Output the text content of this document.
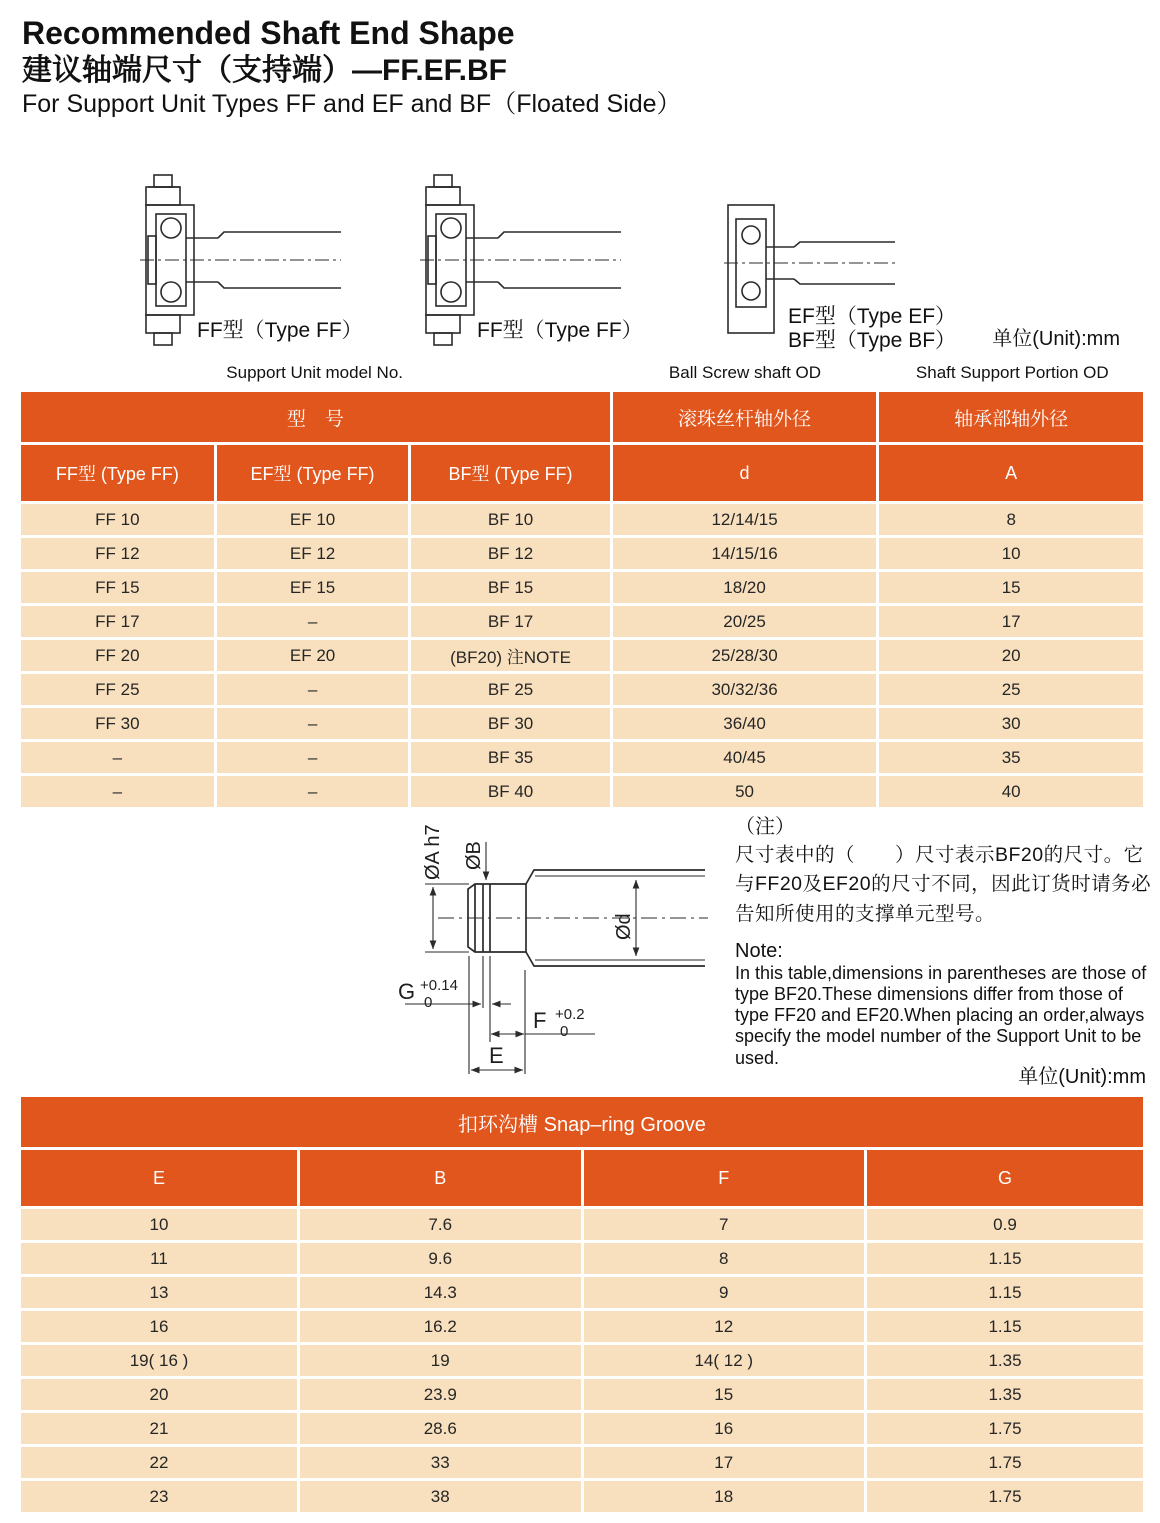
Recommended Shaft End Shape
建议轴端尺寸（支持端）—FF.EF.BF
For Support Unit Types FF and EF and BF（Floated Side）
FF型（Type FF）	FF型（Type FF）
EF型（Type EF）
BF型（Type BF） 单位(Unit):mm
Support Unit model No.	Ball Screw shaft OD	Shaft Support Portion OD
型　号			滚珠丝杆轴外径	轴承部轴外径
FF型 (Type FF)	EF型 (Type FF)	BF型 (Type FF)	d	A
FF 10	EF 10	BF 10	12/14/15	8
FF 12	EF 12	BF 12	14/15/16	10
FF 15	EF 15	BF 15	18/20	15
FF 17	–	BF 17	20/25	17
FF 20	EF 20	(BF20) 注NOTE	25/28/30	20
FF 25	–	BF 25	30/32/36	25
FF 30	–	BF 30	36/40	30
–	–	BF 35	40/45	35
–	–	BF 40	50	40
ØA h7 ØB
Ød
G +0.14
0
F +0.2
0
E
（注）
尺寸表中的（　　）尺寸表示BF20的尺寸。它与FF20及EF20的尺寸不同，因此订货时请务必告知所使用的支撑单元型号。
Note:
In this table,dimensions in parentheses are those of type BF20.These dimensions differ from those of type FF20 and EF20.When placing an order,always specify the model number of the Support Unit to be used.
单位(Unit):mm
扣环沟槽 Snap–ring Groove			
E	B	F	G
10	7.6	7	0.9
11	9.6	8	1.15
13	14.3	9	1.15
16	16.2	12	1.15
19( 16 )	19	14( 12 )	1.35
20	23.9	15	1.35
21	28.6	16	1.75
22	33	17	1.75
23	38	18	1.75
